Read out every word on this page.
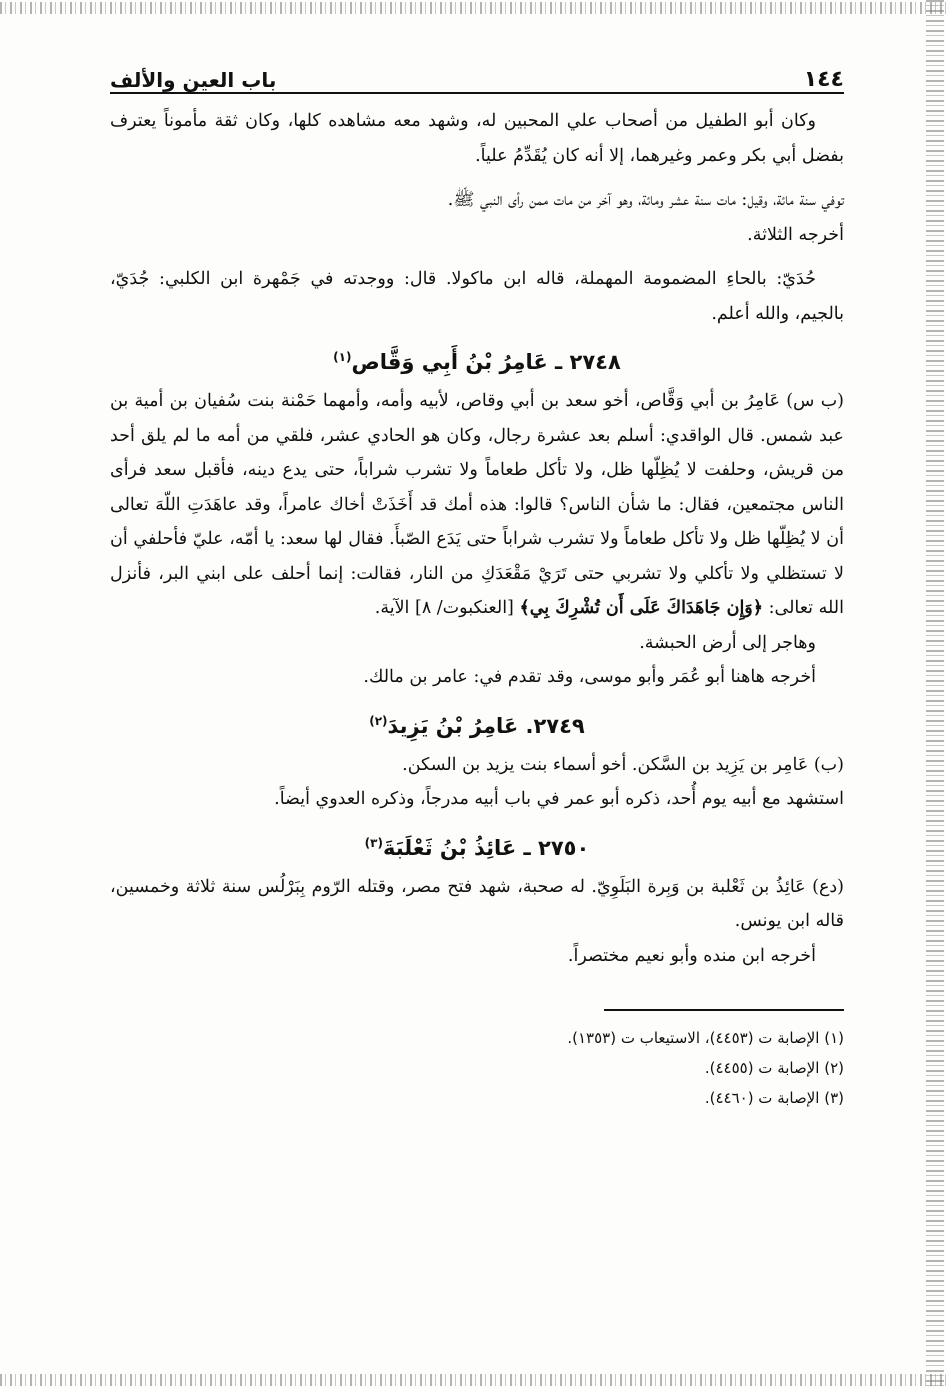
١٤٤
باب العين والألف

وكان أبو الطفيل من أصحاب علي المحبين له، وشهد معه مشاهده كلها، وكان ثقة مأموناً يعترف بفضل أبي بكر وعمر وغيرهما، إلا أنه كان يُقَدِّمُ علياً.

توفي سنة مائة، وقيل: مات سنة عشر ومائة، وهو آخر من مات ممن رأى النبي ﷺ.

أخرجه الثلاثة.

حُدَيّ: بالحاءِ المضمومة المهملة، قاله ابن ماكولا. قال: ووجدته في جَمْهرة ابن الكلبي: جُدَيّ، بالجيم، والله أعلم.

٢٧٤٨ ـ عَامِرُ بْنُ أَبِي وَقَّاص$^{(١)}$

(ب س) عَامِرُ بن أبي وَقَّاص، أخو سعد بن أبي وقاص، لأبيه وأمه، وأمهما حَمْنة بنت سُفيان بن أمية بن عبد شمس. قال الواقدي: أسلم بعد عشرة رجال، وكان هو الحادي عشر، فلقي من أمه ما لم يلق أحد من قريش، وحلفت لا يُظِلّها ظل، ولا تأكل طعاماً ولا تشرب شراباً، حتى يدع دينه، فأقبل سعد فرأى الناس مجتمعين، فقال: ما شأن الناس؟ قالوا: هذه أمك قد أَخَذَتْ أخاك عامراً، وقد عاهَدَتِ اللّهَ تعالى أن لا يُظِلّها ظل ولا تأكل طعاماً ولا تشرب شراباً حتى يَدَع الصّبأَ. فقال لها سعد: يا أمّه، عليّ فأحلفي أن لا تستظلي ولا تأكلي ولا تشربي حتى تَرَيْ مَقْعَدَكِ من النار، فقالت: إنما أحلف على ابني البر، فأنزل الله تعالى: ﴿وَإِن جَاهَدَاكَ عَلَى أَن تُشْرِكَ بِي﴾ [العنكبوت/ ٨] الآية.

وهاجر إلى أرض الحبشة.

أخرجه هاهنا أبو عُمَر وأبو موسى، وقد تقدم في: عامر بن مالك.

٢٧٤٩. عَامِرُ بْنُ يَزِيدَ$^{(٢)}$

(ب) عَامِر بن يَزِيد بن السَّكن. أخو أسماء بنت يزيد بن السكن.

استشهد مع أبيه يوم أُحد، ذكره أبو عمر في باب أبيه مدرجاً، وذكره العدوي أيضاً.

٢٧٥٠ ـ عَائِذُ بْنُ ثَعْلَبَةَ$^{(٣)}$

(دع) عَائِذُ بن ثَعْلبة بن وَبِرة البَلَوِيّ. له صحبة، شهد فتح مصر، وقتله الرّوم بِبَرْلُس سنة ثلاثة وخمسين، قاله ابن يونس.

أخرجه ابن منده وأبو نعيم مختصراً.

(١) الإصابة ت (٤٤٥٣)، الاستيعاب ت (١٣٥٣).
(٢) الإصابة ت (٤٤٥٥).
(٣) الإصابة ت (٤٤٦٠).
